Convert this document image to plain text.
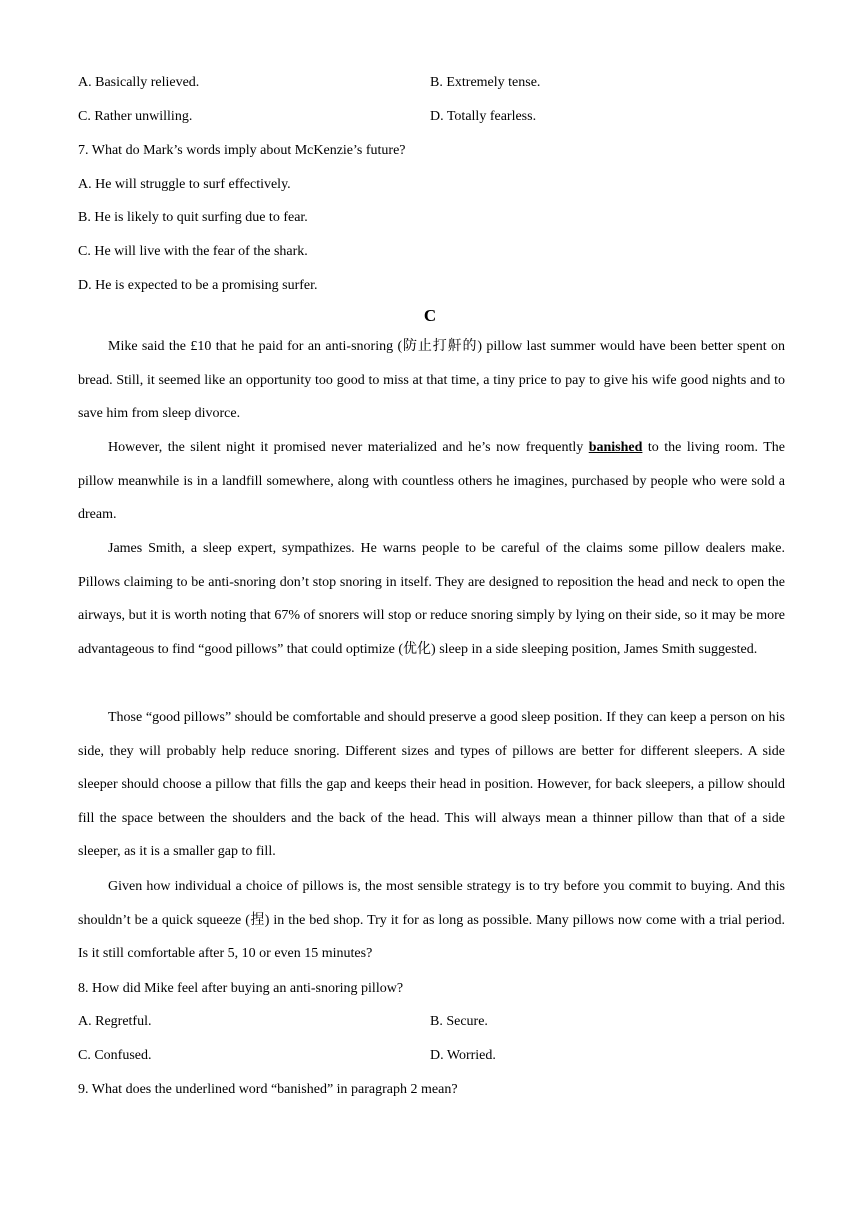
A. Basically relieved.	B. Extremely tense.
C. Rather unwilling.	D. Totally fearless.
7. What do Mark’s words imply about McKenzie’s future?
A. He will struggle to surf effectively.
B. He is likely to quit surfing due to fear.
C. He will live with the fear of the shark.
D. He is expected to be a promising surfer.
C

Mike said the £10 that he paid for an anti-snoring (防止打鼾的) pillow last summer would have been better spent on bread. Still, it seemed like an opportunity too good to miss at that time, a tiny price to pay to give his wife good nights and to save him from sleep divorce.

However, the silent night it promised never materialized and he’s now frequently banished to the living room. The pillow meanwhile is in a landfill somewhere, along with countless others he imagines, purchased by people who were sold a dream.

James Smith, a sleep expert, sympathizes. He warns people to be careful of the claims some pillow dealers make. Pillows claiming to be anti-snoring don’t stop snoring in itself. They are designed to reposition the head and neck to open the airways, but it is worth noting that 67% of snorers will stop or reduce snoring simply by lying on their side, so it may be more advantageous to find “good pillows” that could optimize (优化) sleep in a side sleeping position, James Smith suggested.

Those “good pillows” should be comfortable and should preserve a good sleep position. If they can keep a person on his side, they will probably help reduce snoring. Different sizes and types of pillows are better for different sleepers. A side sleeper should choose a pillow that fills the gap and keeps their head in position. However, for back sleepers, a pillow should fill the space between the shoulders and the back of the head. This will always mean a thinner pillow than that of a side sleeper, as it is a smaller gap to fill.

Given how individual a choice of pillows is, the most sensible strategy is to try before you commit to buying. And this shouldn’t be a quick squeeze (捏) in the bed shop. Try it for as long as possible. Many pillows now come with a trial period. Is it still comfortable after 5, 10 or even 15 minutes?

8. How did Mike feel after buying an anti-snoring pillow?
A. Regretful.	B. Secure.
C. Confused.	D. Worried.
9. What does the underlined word “banished” in paragraph 2 mean?
